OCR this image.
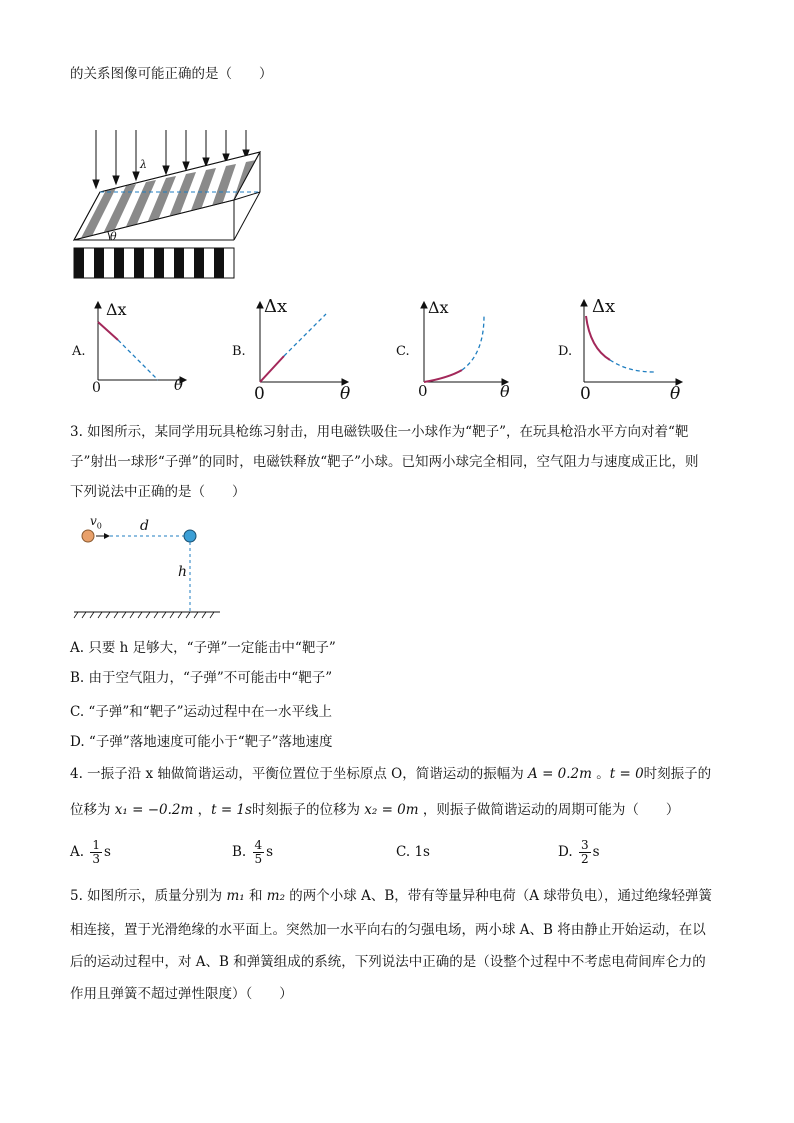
的关系图像可能正确的是（　　）
λ
θ
A.
Δx
θ
0
B.
Δx
θ
0
C.
Δx
θ
0
D.
Δx
θ
0
3. 如图所示，某同学用玩具枪练习射击，用电磁铁吸住一小球作为“靶子”，在玩具枪沿水平方向对着“靶
子”射出一球形“子弹”的同时，电磁铁释放“靶子”小球。已知两小球完全相同，空气阻力与速度成正比，则
下列说法中正确的是（　　）
$v_0$	d
h
A. 只要 h 足够大，“子弹”一定能击中“靶子”
B. 由于空气阻力，“子弹”不可能击中“靶子”
C. “子弹”和“靶子”运动过程中在一水平线上
D. “子弹”落地速度可能小于“靶子”落地速度
4. 一振子沿 x 轴做简谐运动，平衡位置位于坐标原点 O，简谐运动的振幅为 A = 0.2m 。t = 0时刻振子的
位移为 x₁ = −0.2m ，t = 1s时刻振子的位移为 x₂ = 0m ，则振子做简谐运动的周期可能为（　　）
A. $\frac{1}{3}$ s	B. $\frac{4}{5}$ s	C. 1s	D. $\frac{3}{2}$ s
5. 如图所示，质量分别为 m₁ 和 m₂ 的两个小球 A、B，带有等量异种电荷（A 球带负电），通过绝缘轻弹簧
相连接，置于光滑绝缘的水平面上。突然加一水平向右的匀强电场，两小球 A、B 将由静止开始运动，在以
后的运动过程中，对 A、B 和弹簧组成的系统，下列说法中正确的是（设整个过程中不考虑电荷间库仑力的
作用且弹簧不超过弹性限度）（　　）
